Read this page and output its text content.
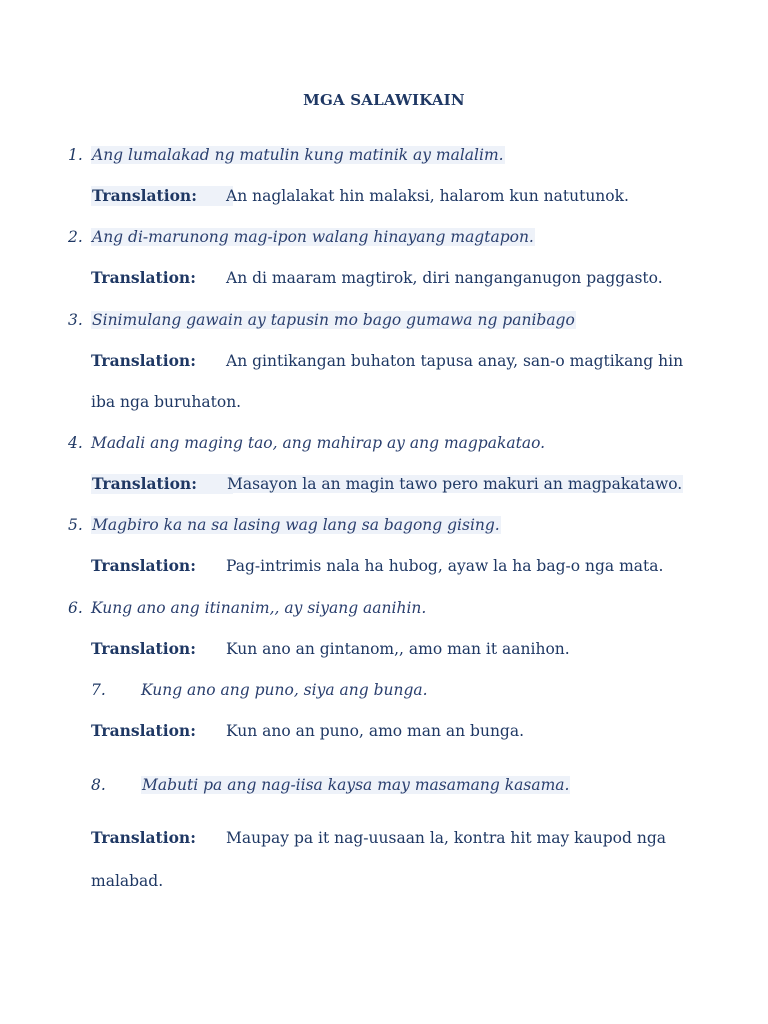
MGA SALAWIKAIN
1. Ang lumalakad ng matulin kung matinik ay malalim.
Translation:	An naglalakat hin malaksi, halarom kun natutunok.
2. Ang di-marunong mag-ipon walang hinayang magtapon.
Translation: An di maaram magtirok, diri nanganganugon paggasto.
3. Sinimulang gawain ay tapusin mo bago gumawa ng panibago
Translation: An gintikangan buhaton tapusa anay, san-o magtikang hin
iba nga buruhaton.
4. Madali ang maging tao, ang mahirap ay ang magpakatao.
Translation:	Masayon la an magin tawo pero makuri an magpakatawo.
5. Magbiro ka na sa lasing wag lang sa bagong gising.
Translation: Pag-intrimis nala ha hubog, ayaw la ha bag-o nga mata.
6. Kung ano ang itinanim,, ay siyang aanihin.
Translation: Kun ano an gintanom,, amo man it aanihon.
7. Kung ano ang puno, siya ang bunga.
Translation: Kun ano an puno, amo man an bunga.
8. Mabuti pa ang nag-iisa kaysa may masamang kasama.
Translation: Maupay pa it nag-uusaan la, kontra hit may kaupod nga
malabad.
